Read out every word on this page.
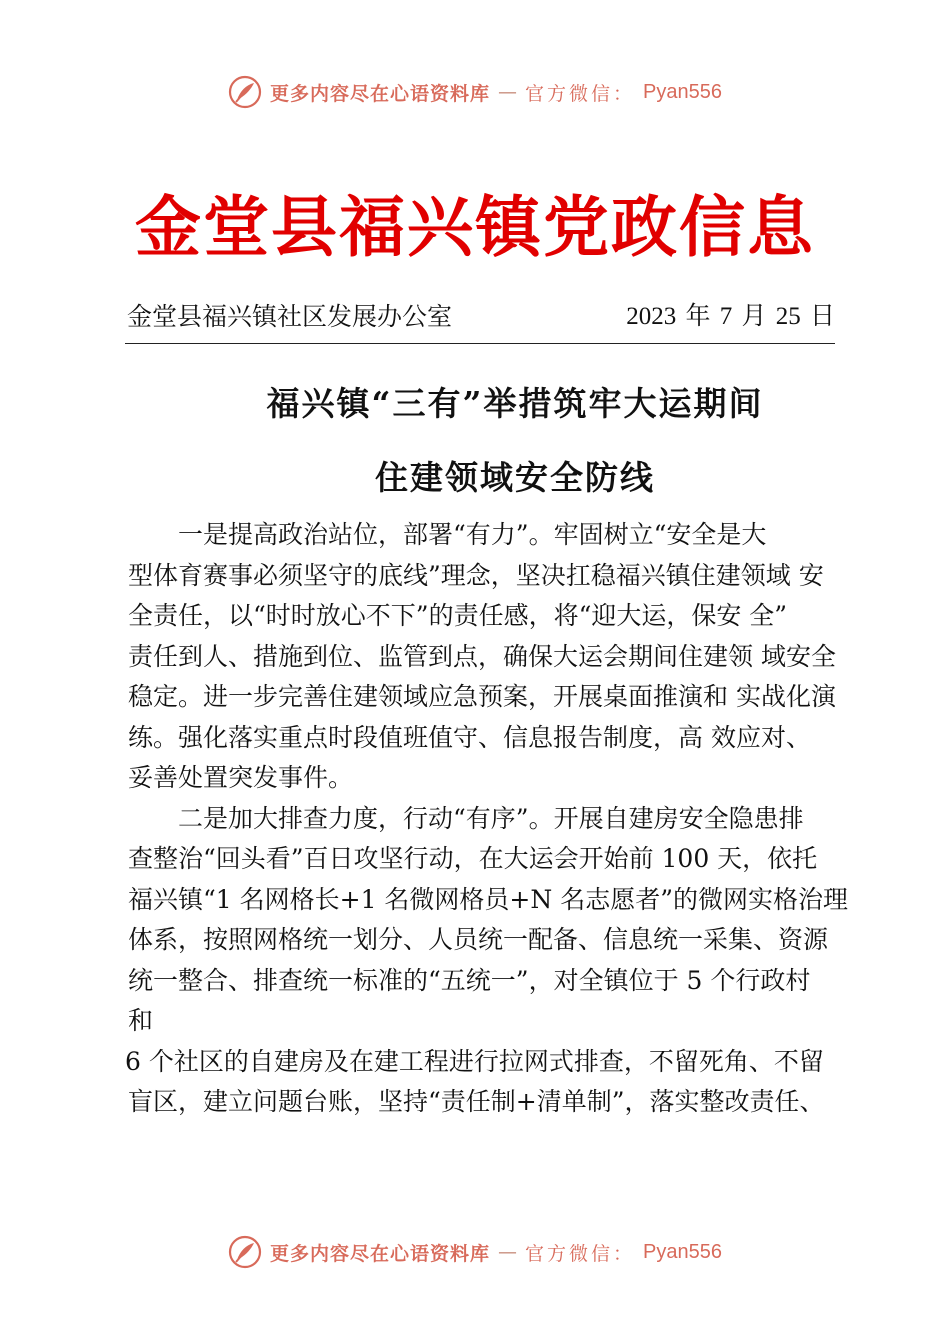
更多内容尽在心语资料库 — 官方微信： Pyan556
金堂县福兴镇党政信息
金堂县福兴镇社区发展办公室	2023 年 7 月 25 日
福兴镇“三有”举措筑牢大运期间
住建领域安全防线
一是提高政治站位，部署“有力”。牢固树立“安全是大
型体育赛事必须坚守的底线”理念，坚决扛稳福兴镇住建领域 安
全责任，以“时时放心不下”的责任感，将“迎大运，保安 全”
责任到人、措施到位、监管到点，确保大运会期间住建领 域安全
稳定。进一步完善住建领域应急预案，开展桌面推演和 实战化演
练。强化落实重点时段值班值守、信息报告制度，高 效应对、
妥善处置突发事件。
二是加大排查力度，行动“有序”。开展自建房安全隐患排
查整治“回头看”百日攻坚行动，在大运会开始前 100 天，依托
福兴镇“1 名网格长+1 名微网格员+N 名志愿者”的微网实格治理
体系，按照网格统一划分、人员统一配备、信息统一采集、资源
统一整合、排查统一标准的“五统一”，对全镇位于 5 个行政村
和
6 个社区的自建房及在建工程进行拉网式排查，不留死角、不留
盲区，建立问题台账，坚持“责任制+清单制”，落实整改责任、
更多内容尽在心语资料库 — 官方微信： Pyan556
